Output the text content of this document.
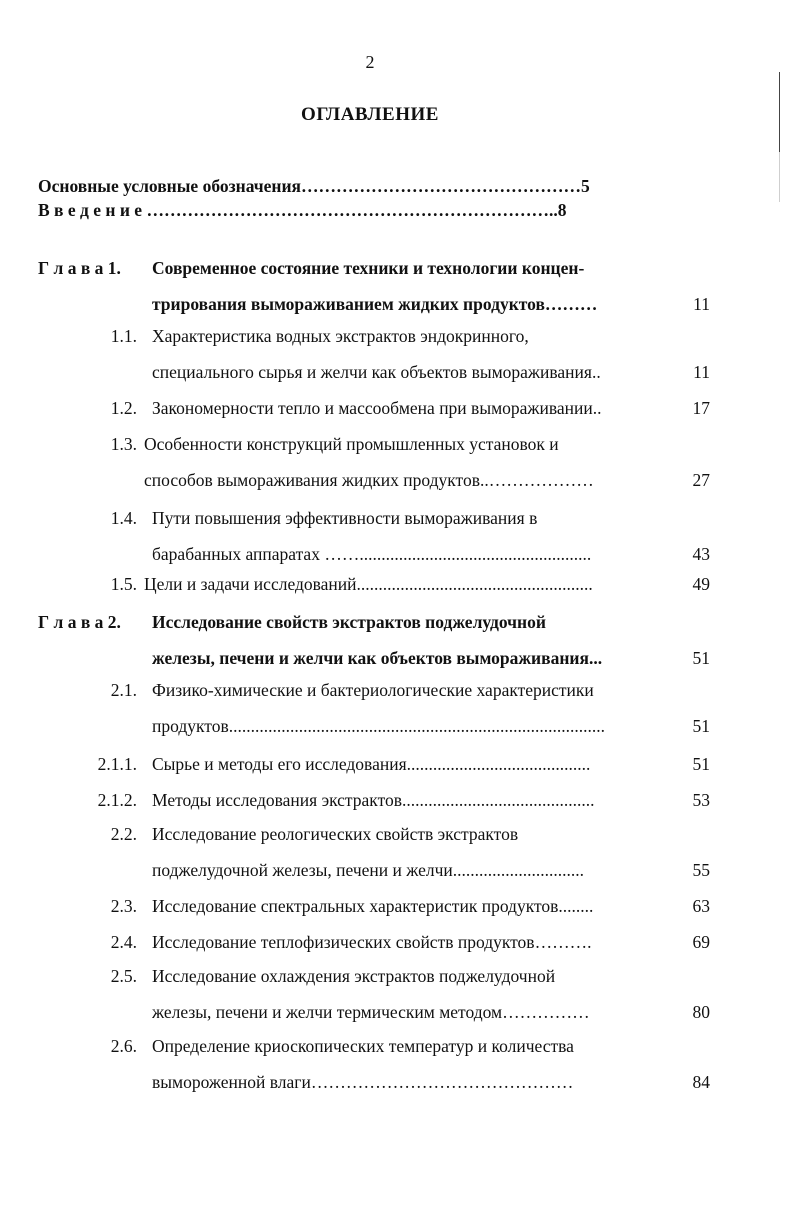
2
ОГЛАВЛЕНИЕ
Основные условные обозначения…………………………………………5
В в е д е н и е ……………………………………………………………..8
Г л а в а 1. Современное состояние техники и технологии концен-
трирования вымораживанием жидких продуктов………	11
1.1. Характеристика водных экстрактов эндокринного,
специального сырья и желчи как объектов вымораживания..	11
1.2. Закономерности тепло и массообмена при вымораживании..	17
1.3. Особенности конструкций промышленных установок и
способов вымораживания жидких продуктов..………………	27
1.4. Пути повышения эффективности вымораживания в
барабанных аппаратах …….....................................................	43
1.5. Цели и задачи исследований......................................................	49
Г л а в а 2. Исследование свойств экстрактов поджелудочной
железы, печени и желчи как объектов вымораживания...	51
2.1. Физико-химические и бактериологические характеристики
продуктов......................................................................................	51
2.1.1. Сырье и методы его исследования..........................................	51
2.1.2. Методы исследования экстрактов............................................	53
2.2. Исследование реологических свойств экстрактов
поджелудочной железы, печени и желчи..............................	55
2.3. Исследование спектральных характеристик продуктов........	63
2.4. Исследование теплофизических свойств продуктов……….	69
2.5. Исследование охлаждения экстрактов поджелудочной
железы, печени и желчи термическим методом……………	80
2.6. Определение криоскопических температур и количества
вымороженной влаги………………………………………	84
